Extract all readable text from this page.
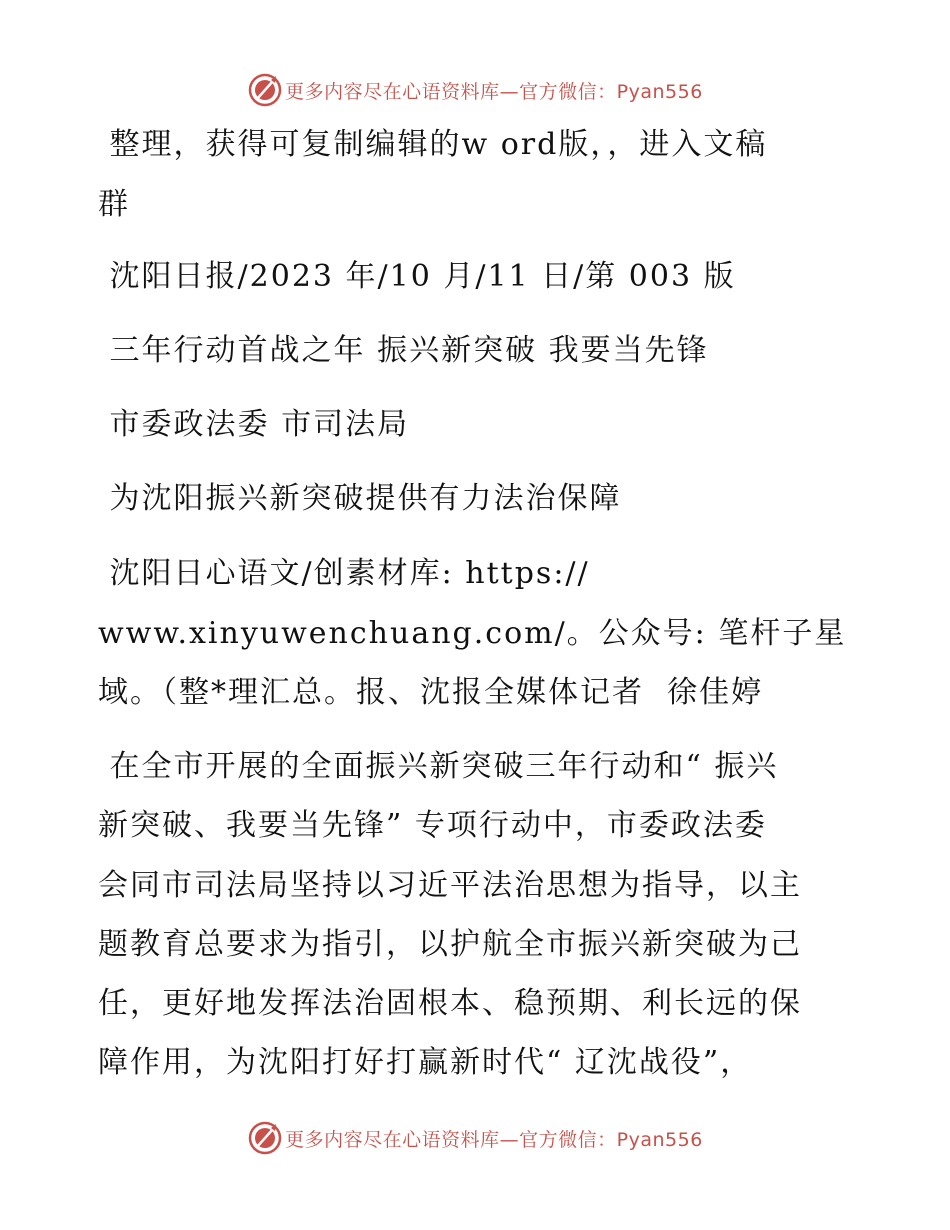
更多内容尽在心语资料库—官方微信：Pyan556
整理，获得可复制编辑的w ord版，，进入文稿
群
沈阳日报/2023 年/10 月/11 日/第 003 版
三年行动首战之年 振兴新突破 我要当先锋
市委政法委 市司法局
为沈阳振兴新突破提供有力法治保障
沈阳日心语文/创素材库: https://
www.xinyuwenchuang.com/。公众号: 笔杆子星
域。（整*理汇总。报、沈报全媒体记者  徐佳婷
在全市开展的全面振兴新突破三年行动和“ 振兴
新突破、我要当先锋” 专项行动中，市委政法委
会同市司法局坚持以习近平法治思想为指导，以主
题教育总要求为指引，以护航全市振兴新突破为己
任，更好地发挥法治固根本、稳预期、利长远的保
障作用，为沈阳打好打赢新时代“ 辽沈战役”，
更多内容尽在心语资料库—官方微信：Pyan556
